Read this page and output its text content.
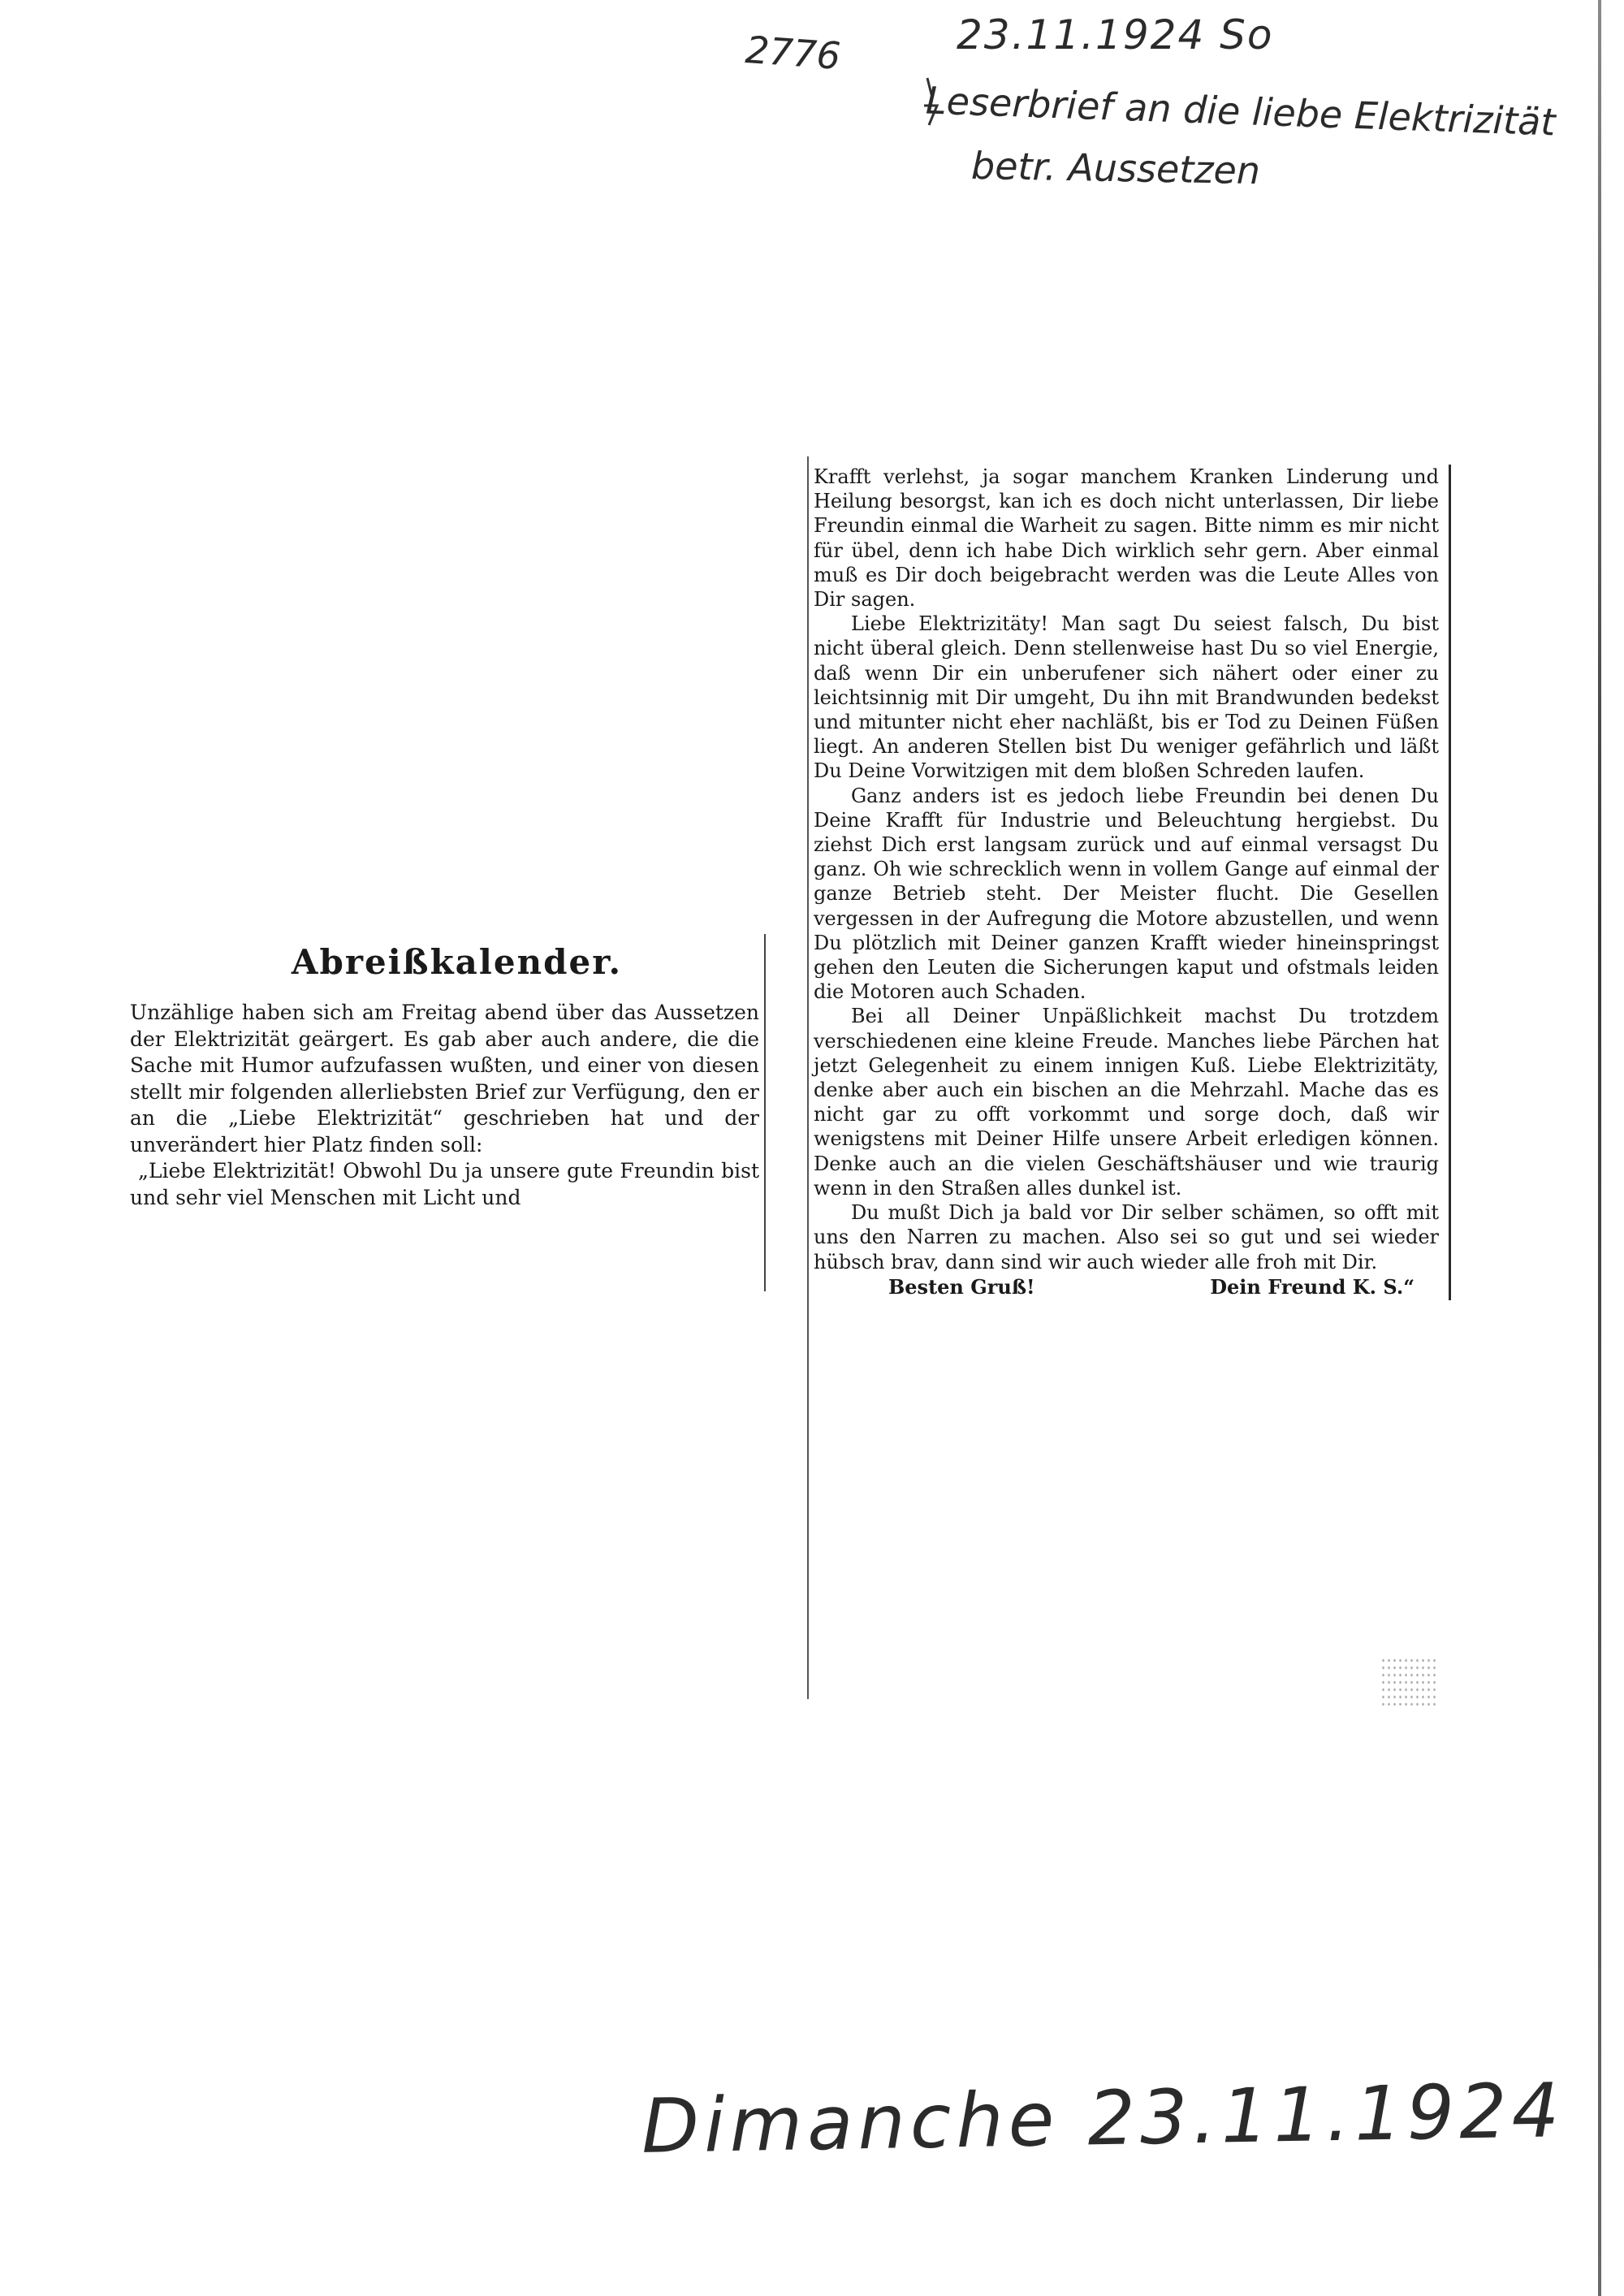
2776	23.11.1924 So
Leserbrief an die liebe Elektrizität
betr. Aussetzen
Abreißkalender.

Unzählige haben sich am Freitag abend über das Aussetzen der Elektrizität geärgert. Es gab aber auch andere, die die Sache mit Humor aufzufassen wußten, und einer von diesen stellt mir folgenden allerliebsten Brief zur Verfügung, den er an die „Liebe Elektrizität“ geschrieben hat und der unverändert hier Platz finden soll:

„Liebe Elektrizität! Obwohl Du ja unsere gute Freundin bist und sehr viel Menschen mit Licht und

Krafft verlehst, ja sogar manchem Kranken Linderung und Heilung besorgst, kan ich es doch nicht unterlassen, Dir liebe Freundin einmal die Warheit zu sagen. Bitte nimm es mir nicht für übel, denn ich habe Dich wirklich sehr gern. Aber einmal muß es Dir doch beigebracht werden was die Leute Alles von Dir sagen.

Liebe Elektrizitäty! Man sagt Du seiest falsch, Du bist nicht überal gleich. Denn stellenweise hast Du so viel Energie, daß wenn Dir ein unberufener sich nähert oder einer zu leichtsinnig mit Dir umgeht, Du ihn mit Brandwunden bedekst und mitunter nicht eher nachläßt, bis er Tod zu Deinen Füßen liegt. An anderen Stellen bist Du weniger gefährlich und läßt Du Deine Vorwitzigen mit dem bloßen Schreden laufen.

Ganz anders ist es jedoch liebe Freundin bei denen Du Deine Krafft für Industrie und Beleuchtung hergiebst. Du ziehst Dich erst langsam zurück und auf einmal versagst Du ganz. Oh wie schrecklich wenn in vollem Gange auf einmal der ganze Betrieb steht. Der Meister flucht. Die Gesellen vergessen in der Aufregung die Motore abzustellen, und wenn Du plötzlich mit Deiner ganzen Krafft wieder hineinspringst gehen den Leuten die Sicherungen kaput und ofstmals leiden die Motoren auch Schaden.

Bei all Deiner Unpäßlichkeit machst Du trotzdem verschiedenen eine kleine Freude. Manches liebe Pärchen hat jetzt Gelegenheit zu einem innigen Kuß. Liebe Elektrizitäty, denke aber auch ein bischen an die Mehrzahl. Mache das es nicht gar zu offt vorkommt und sorge doch, daß wir wenigstens mit Deiner Hilfe unsere Arbeit erledigen können. Denke auch an die vielen Geschäftshäuser und wie traurig wenn in den Straßen alles dunkel ist.

Du mußt Dich ja bald vor Dir selber schämen, so offt mit uns den Narren zu machen. Also sei so gut und sei wieder hübsch brav, dann sind wir auch wieder alle froh mit Dir.

Besten Gruß!	Dein Freund K. S.“
Dimanche 23.11.1924
